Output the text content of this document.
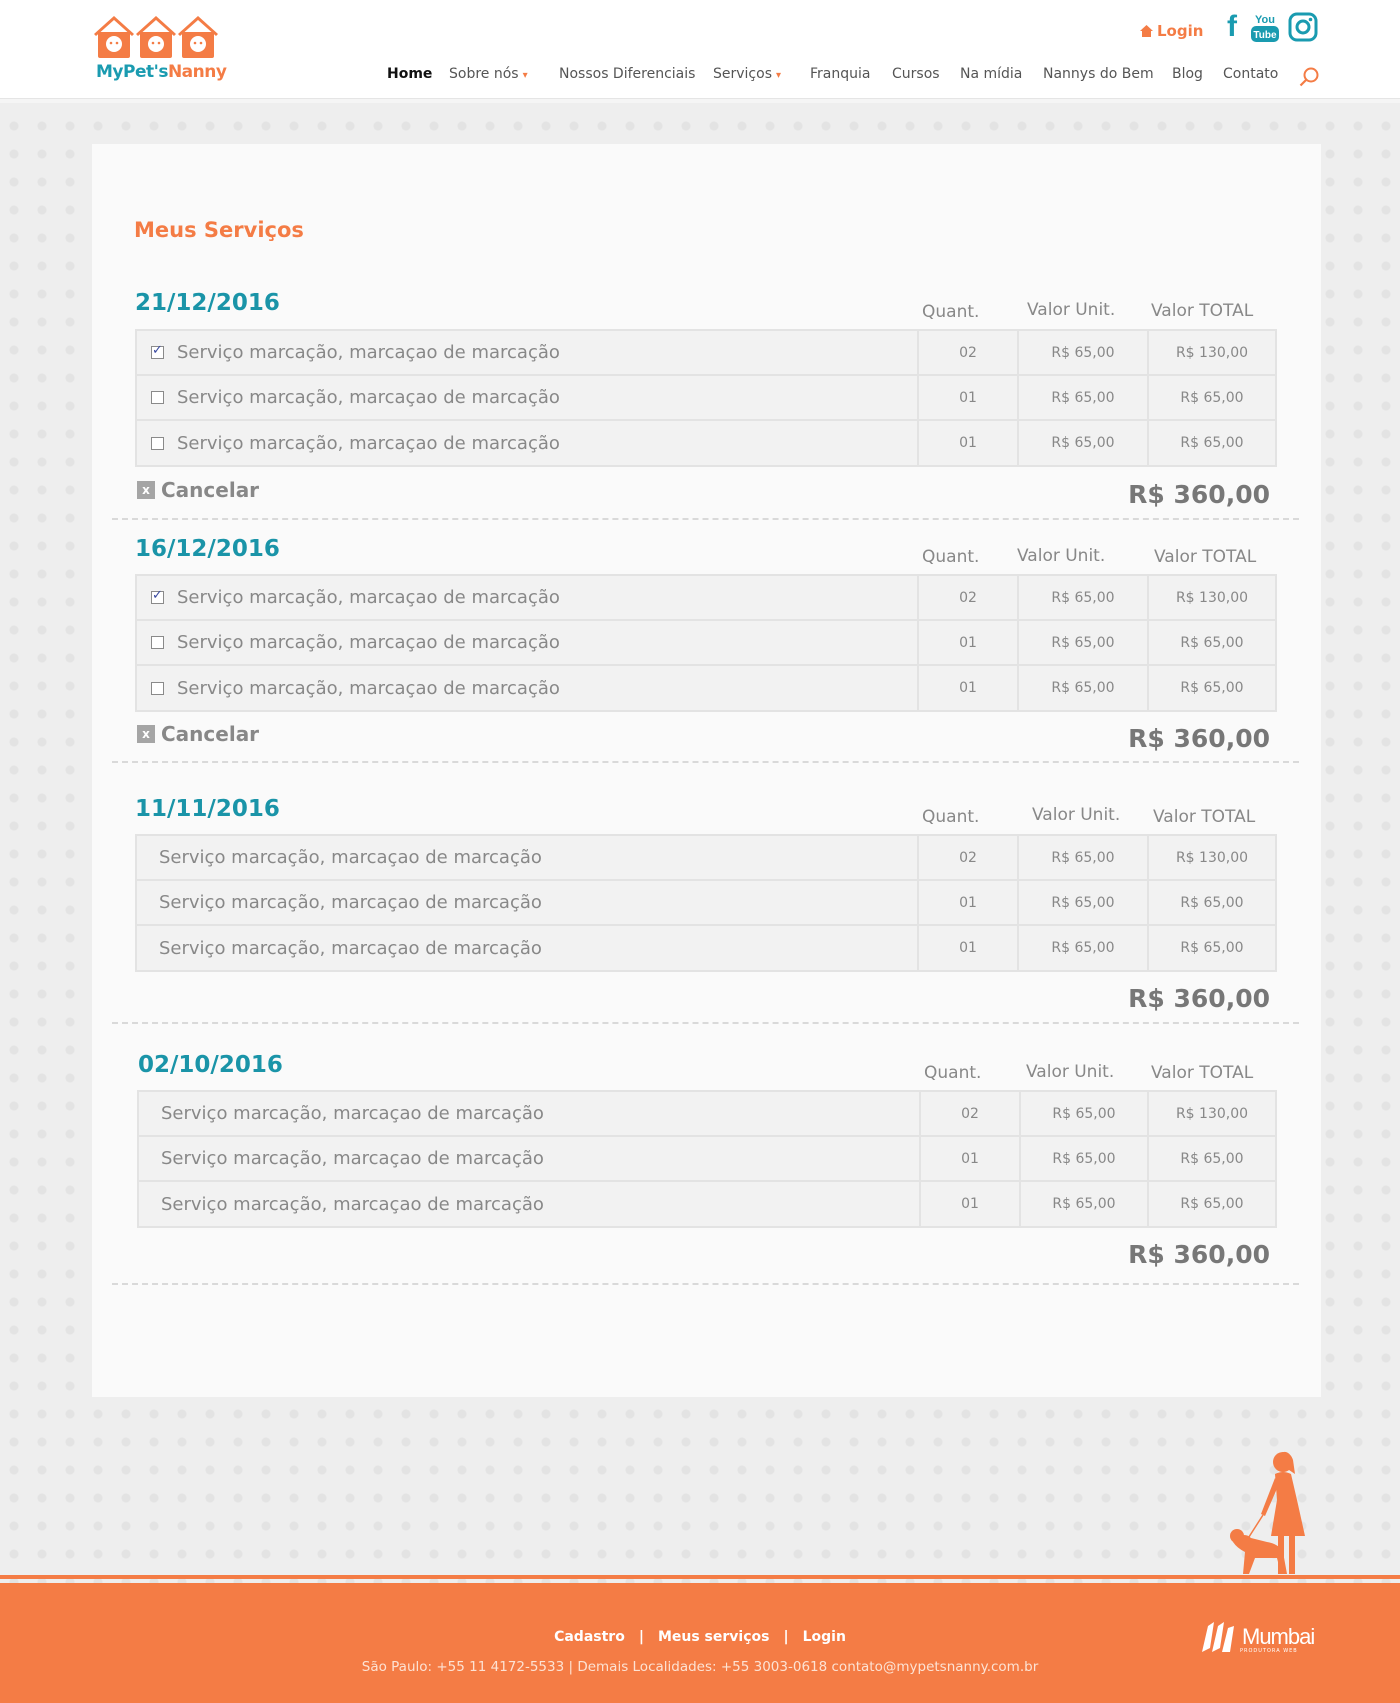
MyPet'sNanny
Login f	You
Tube
Home Sobre nós ▾ Nossos Diferenciais Serviços ▾ Franquia Cursos Na mídia Nannys do Bem Blog Contato
Meus Serviços
21/12/2016	Quant.	Valor Unit. Valor TOTAL
✓
Serviço marcação, marcaçao de marcação	02	R$ 65,00	R$ 130,00
Serviço marcação, marcaçao de marcação	01	R$ 65,00	R$ 65,00
Serviço marcação, marcaçao de marcação	01	R$ 65,00	R$ 65,00
x Cancelar	R$ 360,00
16/12/2016	Quant. Valor Unit.	Valor TOTAL
✓
Serviço marcação, marcaçao de marcação	02	R$ 65,00	R$ 130,00
Serviço marcação, marcaçao de marcação	01	R$ 65,00	R$ 65,00
Serviço marcação, marcaçao de marcação	01	R$ 65,00	R$ 65,00
x Cancelar	R$ 360,00
11/11/2016	Quant.	Valor Unit. Valor TOTAL
Serviço marcação, marcaçao de marcação	02	R$ 65,00	R$ 130,00
Serviço marcação, marcaçao de marcação	01	R$ 65,00	R$ 65,00
Serviço marcação, marcaçao de marcação	01	R$ 65,00	R$ 65,00
R$ 360,00
02/10/2016	Quant.	Valor Unit. Valor TOTAL
Serviço marcação, marcaçao de marcação	02	R$ 65,00	R$ 130,00
Serviço marcação, marcaçao de marcação	01	R$ 65,00	R$ 65,00
Serviço marcação, marcaçao de marcação	01	R$ 65,00	R$ 65,00
R$ 360,00
Cadastro | Meus serviços | Login
São Paulo: +55 11 4172-5533 | Demais Localidades: +55 3003-0618 contato@mypetsnanny.com.br
Mumbai
PRODUTORA WEB
